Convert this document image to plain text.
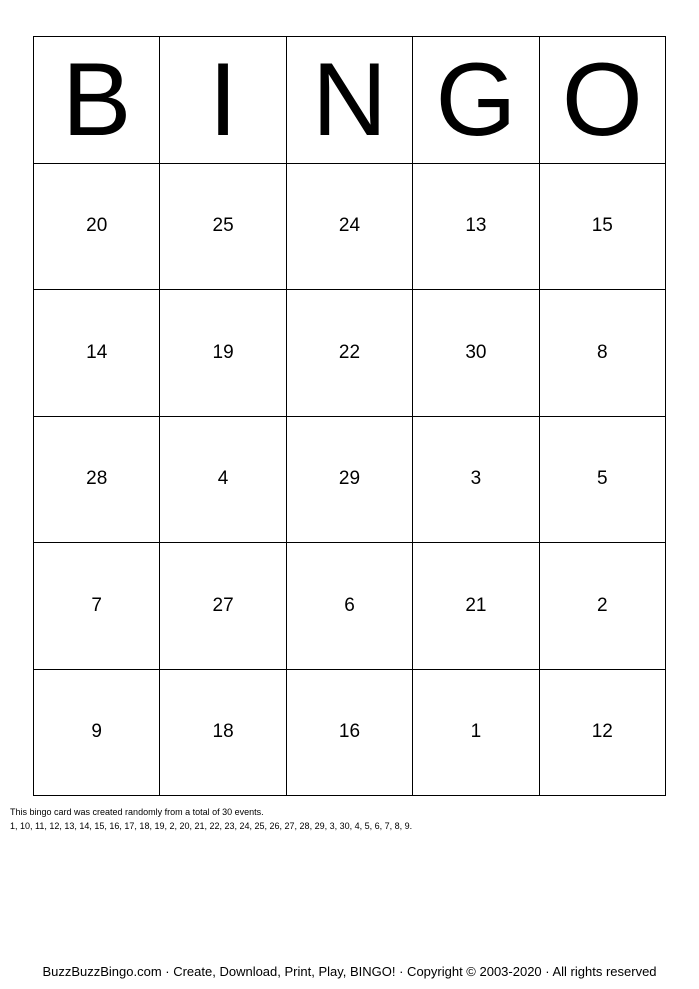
B I N G O
20	25	24	13	15
14	19	22	30	8
28	4	29	3	5
7	27	6	21	2
9	18	16	1	12
This bingo card was created randomly from a total of 30 events.
1, 10, 11, 12, 13, 14, 15, 16, 17, 18, 19, 2, 20, 21, 22, 23, 24, 25, 26, 27, 28, 29, 3, 30, 4, 5, 6, 7, 8, 9.
BuzzBuzzBingo.com · Create, Download, Print, Play, BINGO! · Copyright © 2003-2020 · All rights reserved
